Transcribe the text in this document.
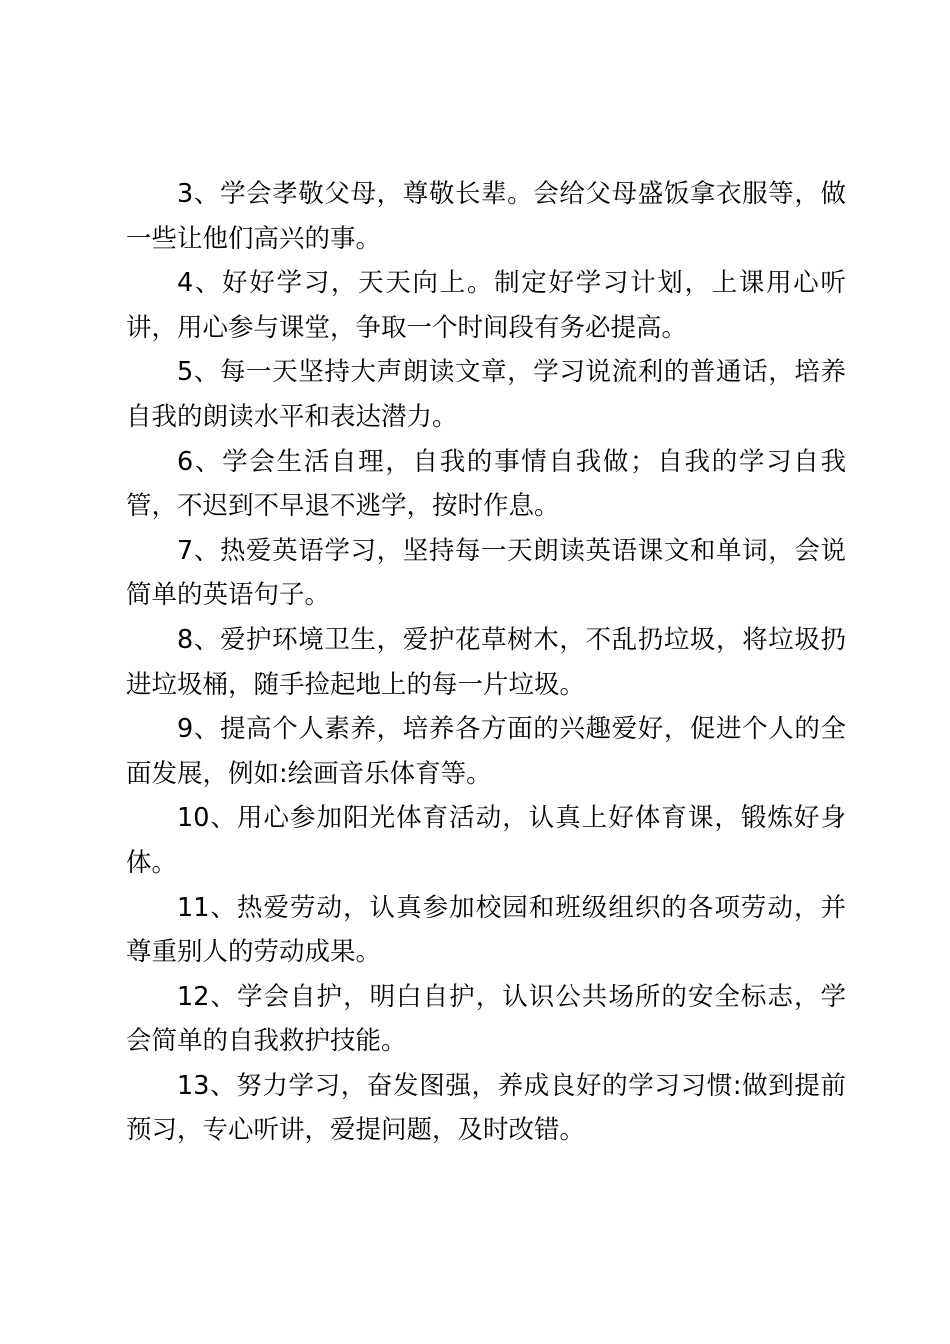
3、学会孝敬父母，尊敬长辈。会给父母盛饭拿衣服等，做一些让他们高兴的事。

4、好好学习，天天向上。制定好学习计划，上课用心听讲，用心参与课堂，争取一个时间段有务必提高。

5、每一天坚持大声朗读文章，学习说流利的普通话，培养自我的朗读水平和表达潜力。

6、学会生活自理，自我的事情自我做；自我的学习自我管，不迟到不早退不逃学，按时作息。

7、热爱英语学习，坚持每一天朗读英语课文和单词，会说简单的英语句子。

8、爱护环境卫生，爱护花草树木，不乱扔垃圾，将垃圾扔进垃圾桶，随手捡起地上的每一片垃圾。

9、提高个人素养，培养各方面的兴趣爱好，促进个人的全面发展，例如:绘画音乐体育等。

10、用心参加阳光体育活动，认真上好体育课，锻炼好身体。

11、热爱劳动，认真参加校园和班级组织的各项劳动，并尊重别人的劳动成果。

12、学会自护，明白自护，认识公共场所的安全标志，学会简单的自我救护技能。

13、努力学习，奋发图强，养成良好的学习习惯:做到提前预习，专心听讲，爱提问题，及时改错。
